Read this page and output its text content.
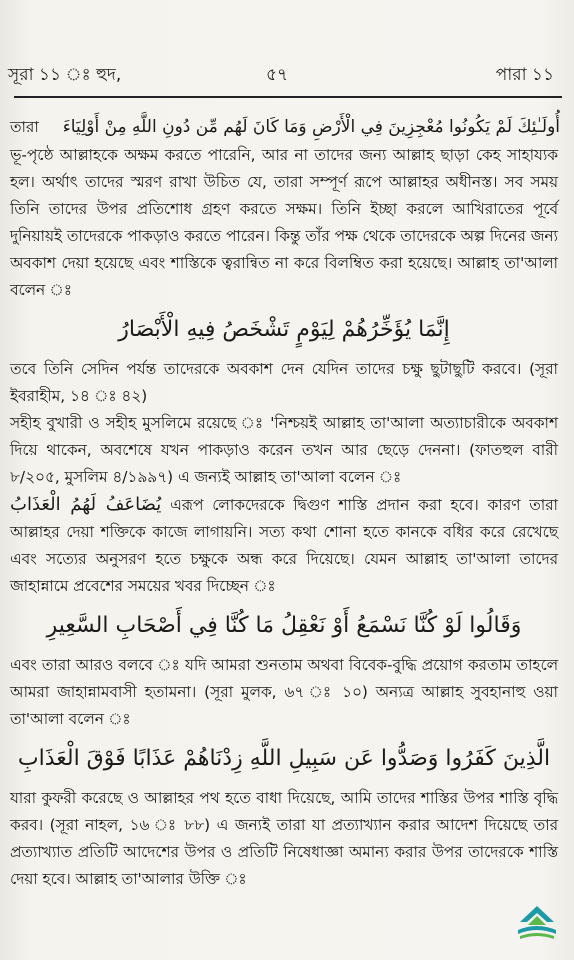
সূরা ১১ ঃ হুদ,	৫৭	পারা ১১
তারা أُولَـٰئِكَ لَمْ يَكُونُوا مُعْجِزِينَ فِي الْأَرْضِ وَمَا كَانَ لَهُم مِّن دُونِ اللَّهِ مِنْ أَوْلِيَاءَ

ভূ-পৃষ্ঠে আল্লাহকে অক্ষম করতে পারেনি, আর না তাদের জন্য আল্লাহ ছাড়া কেহ সাহায্যক হল। অর্থাৎ তাদের স্মরণ রাখা উচিত যে, তারা সম্পূর্ণ রূপে আল্লাহর অধীনস্ত। সব সময় তিনি তাদের উপর প্রতিশোধ গ্রহণ করতে সক্ষম। তিনি ইচ্ছা করলে আখিরাতের পূর্বে দুনিয়ায়ই তাদেরকে পাকড়াও করতে পারেন। কিন্তু তাঁর পক্ষ থেকে তাদেরকে অল্প দিনের জন্য অবকাশ দেয়া হয়েছে এবং শাস্তিকে ত্বরান্বিত না করে বিলম্বিত করা হয়েছে। আল্লাহ তা'আলা বলেন ঃ

إِنَّمَا يُؤَخِّرُهُمْ لِيَوْمٍ تَشْخَصُ فِيهِ الْأَبْصَارُ

তবে তিনি সেদিন পর্যন্ত তাদেরকে অবকাশ দেন যেদিন তাদের চক্ষু ছুটাছুটি করবে। (সূরা ইবরাহীম, ১৪ ঃ ৪২)

সহীহ বুখারী ও সহীহ মুসলিমে রয়েছে ঃ 'নিশ্চয়ই আল্লাহ তা'আলা অত্যাচারীকে অবকাশ দিয়ে থাকেন, অবশেষে যখন পাকড়াও করেন তখন আর ছেড়ে দেননা। (ফাতহুল বারী ৮/২০৫, মুসলিম ৪/১৯৯৭) এ জন্যই আল্লাহ তা'আলা বলেন ঃ

يُضَاعَفُ لَهُمُ الْعَذَابُ এরূপ লোকদেরকে দ্বিগুণ শাস্তি প্রদান করা হবে। কারণ তারা আল্লাহর দেয়া শক্তিকে কাজে লাগায়নি। সত্য কথা শোনা হতে কানকে বধির করে রেখেছে এবং সত্যের অনুসরণ হতে চক্ষুকে অন্ধ করে দিয়েছে। যেমন আল্লাহ তা'আলা তাদের জাহান্নামে প্রবেশের সময়ের খবর দিচ্ছেন ঃ

وَقَالُوا لَوْ كُنَّا نَسْمَعُ أَوْ نَعْقِلُ مَا كُنَّا فِي أَصْحَابِ السَّعِيرِ

এবং তারা আরও বলবে ঃ যদি আমরা শুনতাম অথবা বিবেক-বুদ্ধি প্রয়োগ করতাম তাহলে আমরা জাহান্নামবাসী হতামনা। (সূরা মুলক, ৬৭ ঃ ১০) অন্যত্র আল্লাহ সুবহানাহু ওয়া তা'আলা বলেন ঃ

الَّذِينَ كَفَرُوا وَصَدُّوا عَن سَبِيلِ اللَّهِ زِدْنَاهُمْ عَذَابًا فَوْقَ الْعَذَابِ

যারা কুফরী করেছে ও আল্লাহর পথ হতে বাধা দিয়েছে, আমি তাদের শাস্তির উপর শাস্তি বৃদ্ধি করব। (সূরা নাহল, ১৬ ঃ ৮৮) এ জন্যই তারা যা প্রত্যাখ্যান করার আদেশ দিয়েছে তার প্রত্যাখ্যাত প্রতিটি আদেশের উপর ও প্রতিটি নিষেধাজ্ঞা অমান্য করার উপর তাদেরকে শাস্তি দেয়া হবে। আল্লাহ তা'আলার উক্তি ঃ
